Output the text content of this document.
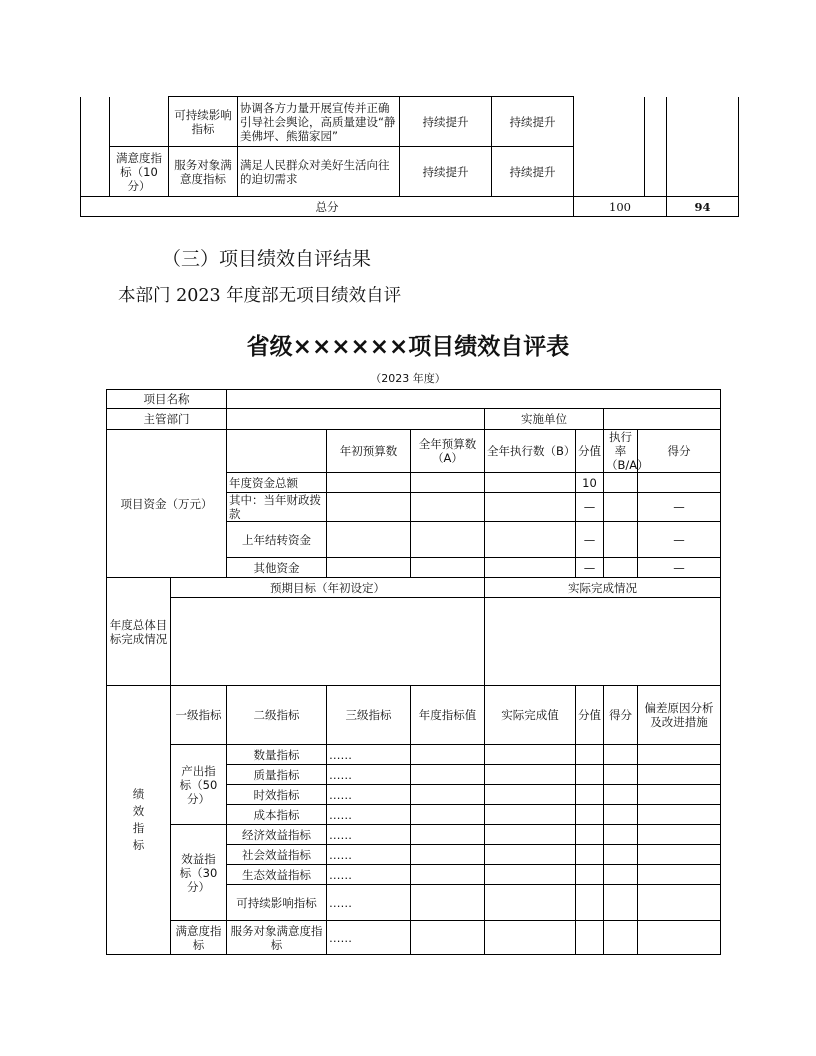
		可持续影响指标	协调各方力量开展宣传并正确引导社会舆论，高质量建设“静美佛坪、熊猫家园”	持续提升	持续提升			
	满意度指标（10分）	服务对象满意度指标	满足人民群众对美好生活向往的迫切需求	持续提升	持续提升			
总分						100		94
（三）项目绩效自评结果
本部门 2023 年度部无项目绩效自评
省级××××××项目绩效自评表
（2023 年度）
项目名称								
主管部门					实施单位			
项目资金（万元）			年初预算数	全年预算数（A）	全年执行数（B）	分值	执行率（B/A）	得分
		年度资金总额				10		
		其中：当年财政拨款				—		—
		上年结转资金				—		—
		其他资金				—		—
年度总体目标完成情况	预期目标（年初设定）				实际完成情况			

绩效指标	一级指标	二级指标	三级指标	年度指标值	实际完成值	分值	得分	偏差原因分析及改进措施
	产出指标（50分）	数量指标	……					
		质量指标	……					
		时效指标	……					
		成本指标	……					
	效益指标（30分）	经济效益指标	……					
		社会效益指标	……					
		生态效益指标	……					
		可持续影响指标	……					
	满意度指标	服务对象满意度指标	……					
